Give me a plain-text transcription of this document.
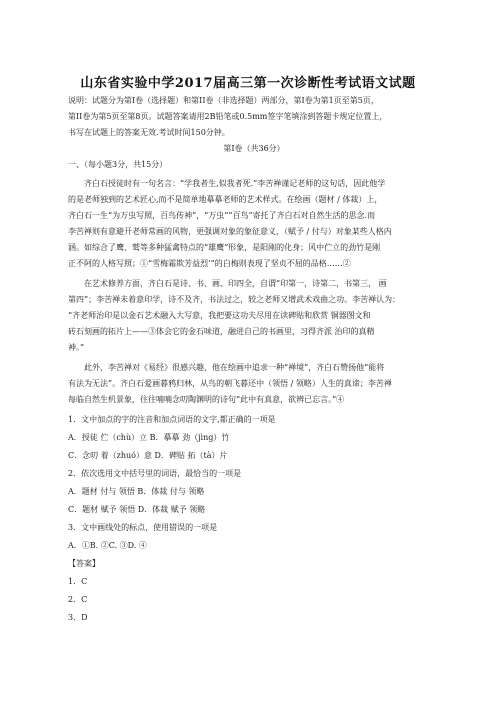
山东省实验中学2017届高三第一次诊断性考试语文试题
说明：试题分为第I卷（选择题）和第II卷（非选择题）两部分，第I卷为第1页至第5页，
第II卷为第5页至第8页。试题答案请用2B铅笔或0.5mm签字笔填涂到答题卡规定位置上，
书写在试题上的答案无效.考试时间150分钟。
第I卷（共36分）
一、（每小题3分，共15分）
齐白石授徒时有一句名言：“学我者生,似我者死.”李苦禅谨记老师的这句话，因此他学
的是老师独到的艺术匠心,而不是简单地摹摹老师的艺术样式。在绘画（题材 / 体裁）上，
齐白石一生“为万虫写照，百鸟传神”，“万虫”“百鸟”寄托了齐白石对自然生活的思念.而
李苦禅则有意避开老师常画的风物，更强调对象的象征意义，（赋予 / 付与）对象某些人格内
涵。如综合了鹰、鹫等多种猛禽特点的“雄鹰”形象，是阳刚的化身；风中伫立的劲竹是刚
正不阿的人格写照；①“雪梅霜欺芳益烈’”的白梅则表现了坚贞不屈的品格……②
在艺术修养方面，齐白石是诗、书、画、印四全，自谓“印第一，诗第二，书第三， 画
第四”；李苦禅未着意印学，诗不及齐，书法过之，较之老师又增武术戏曲之功。李苦禅认为：
“齐老师治印是以金石艺术融入大写意，我把要这功夫尽用在读碑贴和欣赏 铜器图文和
砖石刻画的拓片上——③体会它的金石味道，融进自己的书画里，习得齐派 治印的真精
神。”
此外，李苦禅对《易经》很感兴趣，他在绘画中追求一种“禅境”，齐白石赞扬他“能将
有法为无法”。齐白石爱画暮鸦归林，从鸟的朝飞暮还中（领悟 / 领略）人生的真谛；李苦禅
每临自然生机景象，往往喃喃念叨陶渊明的诗句“此中有真意，欲辨已忘言。”④
1．文中加点的字的注音和加点词语的文字,都正确的一项是
A．授徒 伫（chù）立 B．摹摹 劲（jìng）竹
C．念叨 着（zhuó）意 D．碑贴 拓（tà）片
2．依次选用文中括号里的词语，最恰当的一项是
A．题材 付与 领悟 B．体裁 付与 领略
C．题材 赋予 领悟 D．体裁 赋予 领略
3．文中画线处的标点，使用错误的一项是
A．①B. ②C. ③D. ④
【答案】
1．C
2．C
3．D
